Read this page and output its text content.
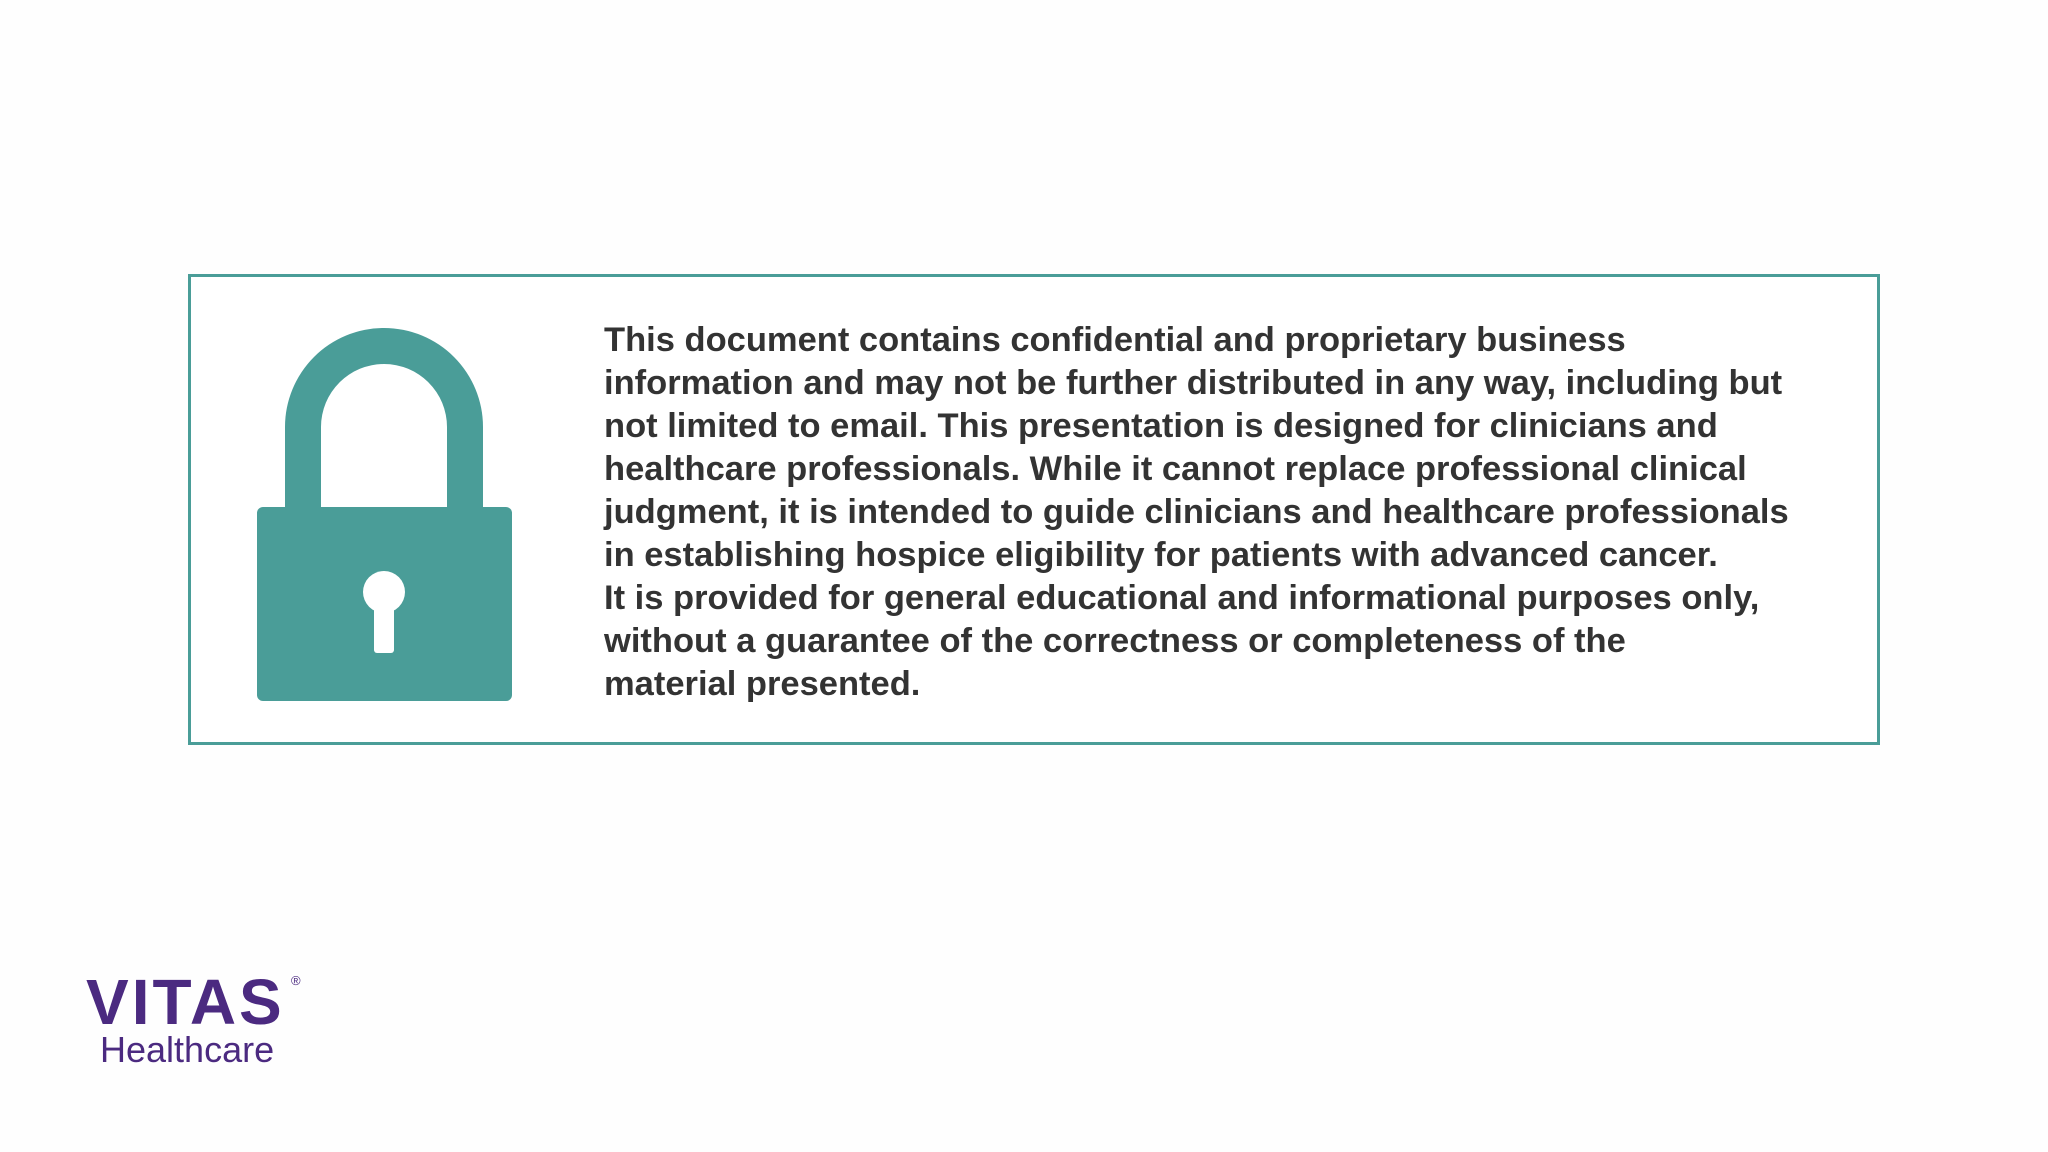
This document contains confidential and proprietary business
information and may not be further distributed in any way, including but
not limited to email. This presentation is designed for clinicians and
healthcare professionals. While it cannot replace professional clinical
judgment, it is intended to guide clinicians and healthcare professionals
in establishing hospice eligibility for patients with advanced cancer.
It is provided for general educational and informational purposes only,
without a guarantee of the correctness or completeness of the
material presented.

VITAS ®
Healthcare
